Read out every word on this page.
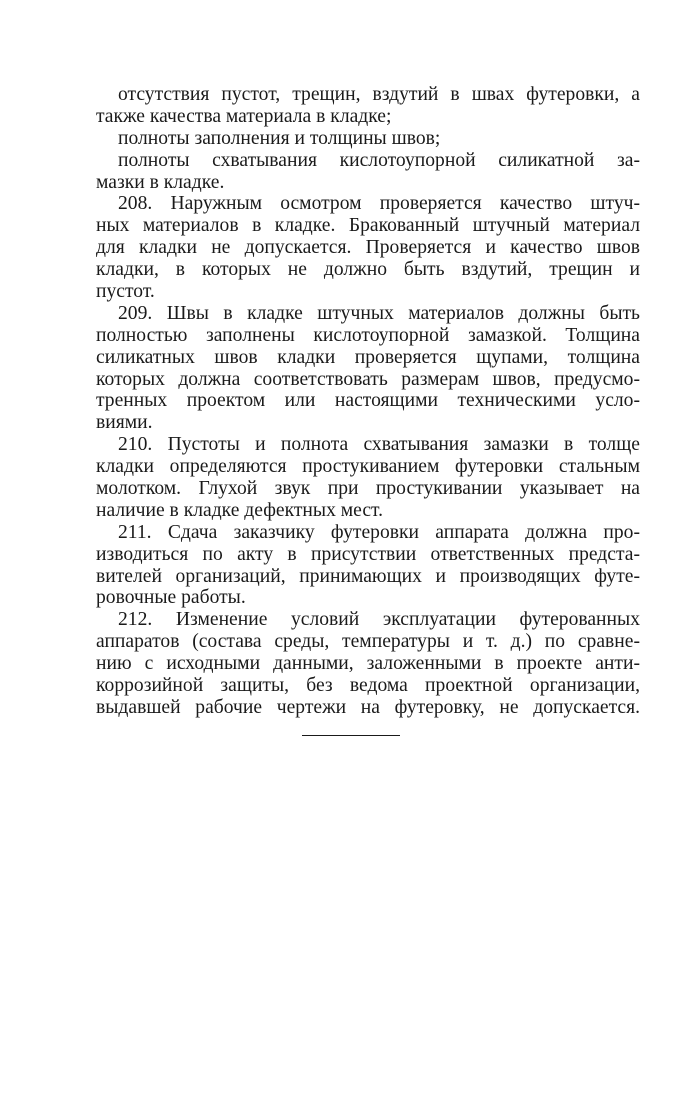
отсутствия пустот, трещин, вздутий в швах футеровки, а
также качества материала в кладке;
полноты заполнения и толщины швов;
полноты схватывания кислотоупорной силикатной за-
мазки в кладке.
208. Наружным осмотром проверяется качество штуч-
ных материалов в кладке. Бракованный штучный материал
для кладки не допускается. Проверяется и качество швов
кладки, в которых не должно быть вздутий, трещин и
пустот.
209. Швы в кладке штучных материалов должны быть
полностью заполнены кислотоупорной замазкой. Толщина
силикатных швов кладки проверяется щупами, толщина
которых должна соответствовать размерам швов, предусмо-
тренных проектом или настоящими техническими усло-
виями.
210. Пустоты и полнота схватывания замазки в толще
кладки определяются простукиванием футеровки стальным
молотком. Глухой звук при простукивании указывает на
наличие в кладке дефектных мест.
211. Сдача заказчику футеровки аппарата должна про-
изводиться по акту в присутствии ответственных предста-
вителей организаций, принимающих и производящих футе-
ровочные работы.
212. Изменение условий эксплуатации футерованных
аппаратов (состава среды, температуры и т. д.) по сравне-
нию с исходными данными, заложенными в проекте анти-
коррозийной защиты, без ведома проектной организации,
выдавшей рабочие чертежи на футеровку, не допускается.
